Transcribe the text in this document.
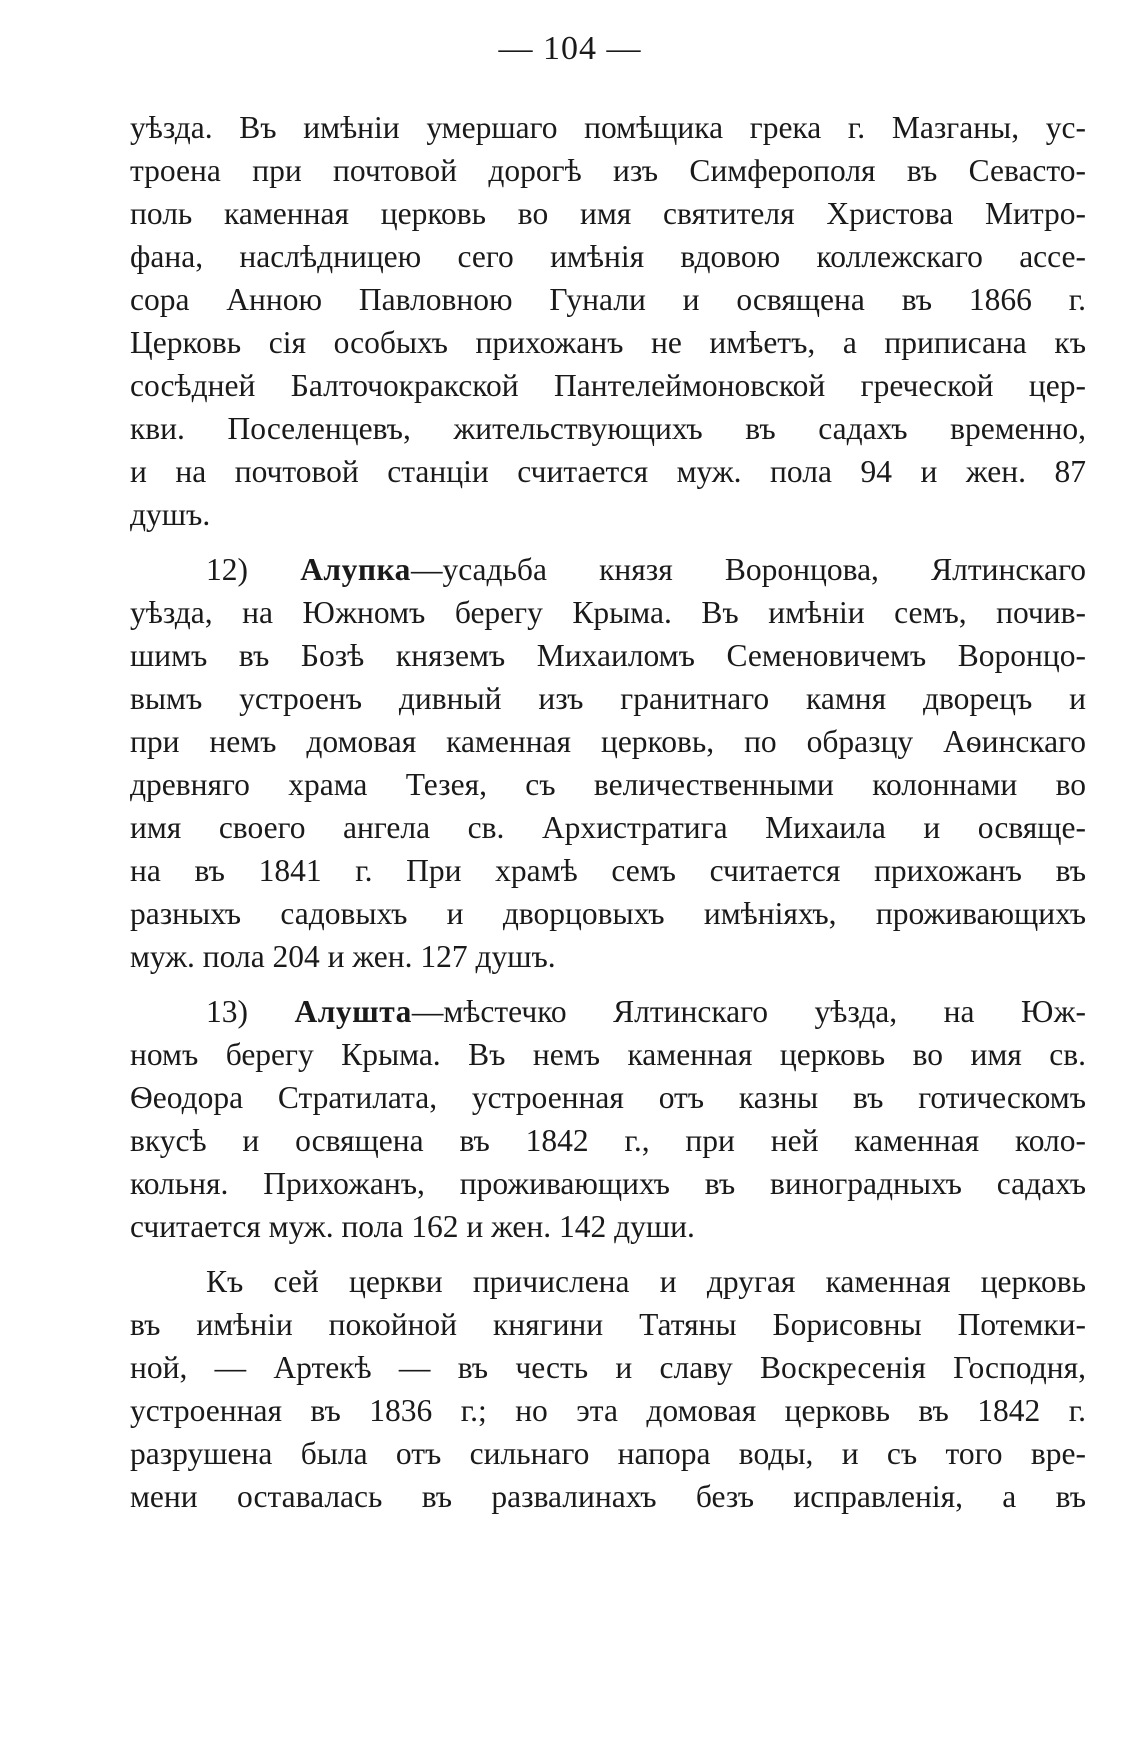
— 104 —
уѣзда. Въ имѣніи умершаго помѣщика грека г. Мазганы, ус-
троена при почтовой дорогѣ изъ Симферополя въ Севасто-
поль каменная церковь во имя святителя Христова Митро-
фана, наслѣдницею сего имѣнія вдовою коллежскаго ассе-
сора Анною Павловною Гунали и освящена въ 1866 г.
Церковь сія особыхъ прихожанъ не имѣетъ, а приписана къ
сосѣдней Балточокракской Пантелеймоновской греческой цер-
кви. Поселенцевъ, жительствующихъ въ садахъ временно,
и на почтовой станціи считается муж. пола 94 и жен. 87
душъ.
12) Алупка—усадьба князя Воронцова, Ялтинскаго
уѣзда, на Южномъ берегу Крыма. Въ имѣніи семъ, почив-
шимъ въ Бозѣ княземъ Михаиломъ Семеновичемъ Воронцо-
вымъ устроенъ дивный изъ гранитнаго камня дворецъ и
при немъ домовая каменная церковь, по образцу Аѳинскаго
древняго храма Тезея, съ величественными колоннами во
имя своего ангела св. Архистратига Михаила и освяще-
на въ 1841 г. При храмѣ семъ считается прихожанъ въ
разныхъ садовыхъ и дворцовыхъ имѣніяхъ, проживающихъ
муж. пола 204 и жен. 127 душъ.
13) Алушта—мѣстечко Ялтинскаго уѣзда, на Юж-
номъ берегу Крыма. Въ немъ каменная церковь во имя св.
Ѳеодора Стратилата, устроенная отъ казны въ готическомъ
вкусѣ и освящена въ 1842 г., при ней каменная коло-
кольня. Прихожанъ, проживающихъ въ виноградныхъ садахъ
считается муж. пола 162 и жен. 142 души.
Къ сей церкви причислена и другая каменная церковь
въ имѣніи покойной княгини Татяны Борисовны Потемки-
ной, — Артекѣ — въ честь и славу Воскресенія Господня,
устроенная въ 1836 г.; но эта домовая церковь въ 1842 г.
разрушена была отъ сильнаго напора воды, и съ того вре-
мени оставалась въ развалинахъ безъ исправленія, а въ
